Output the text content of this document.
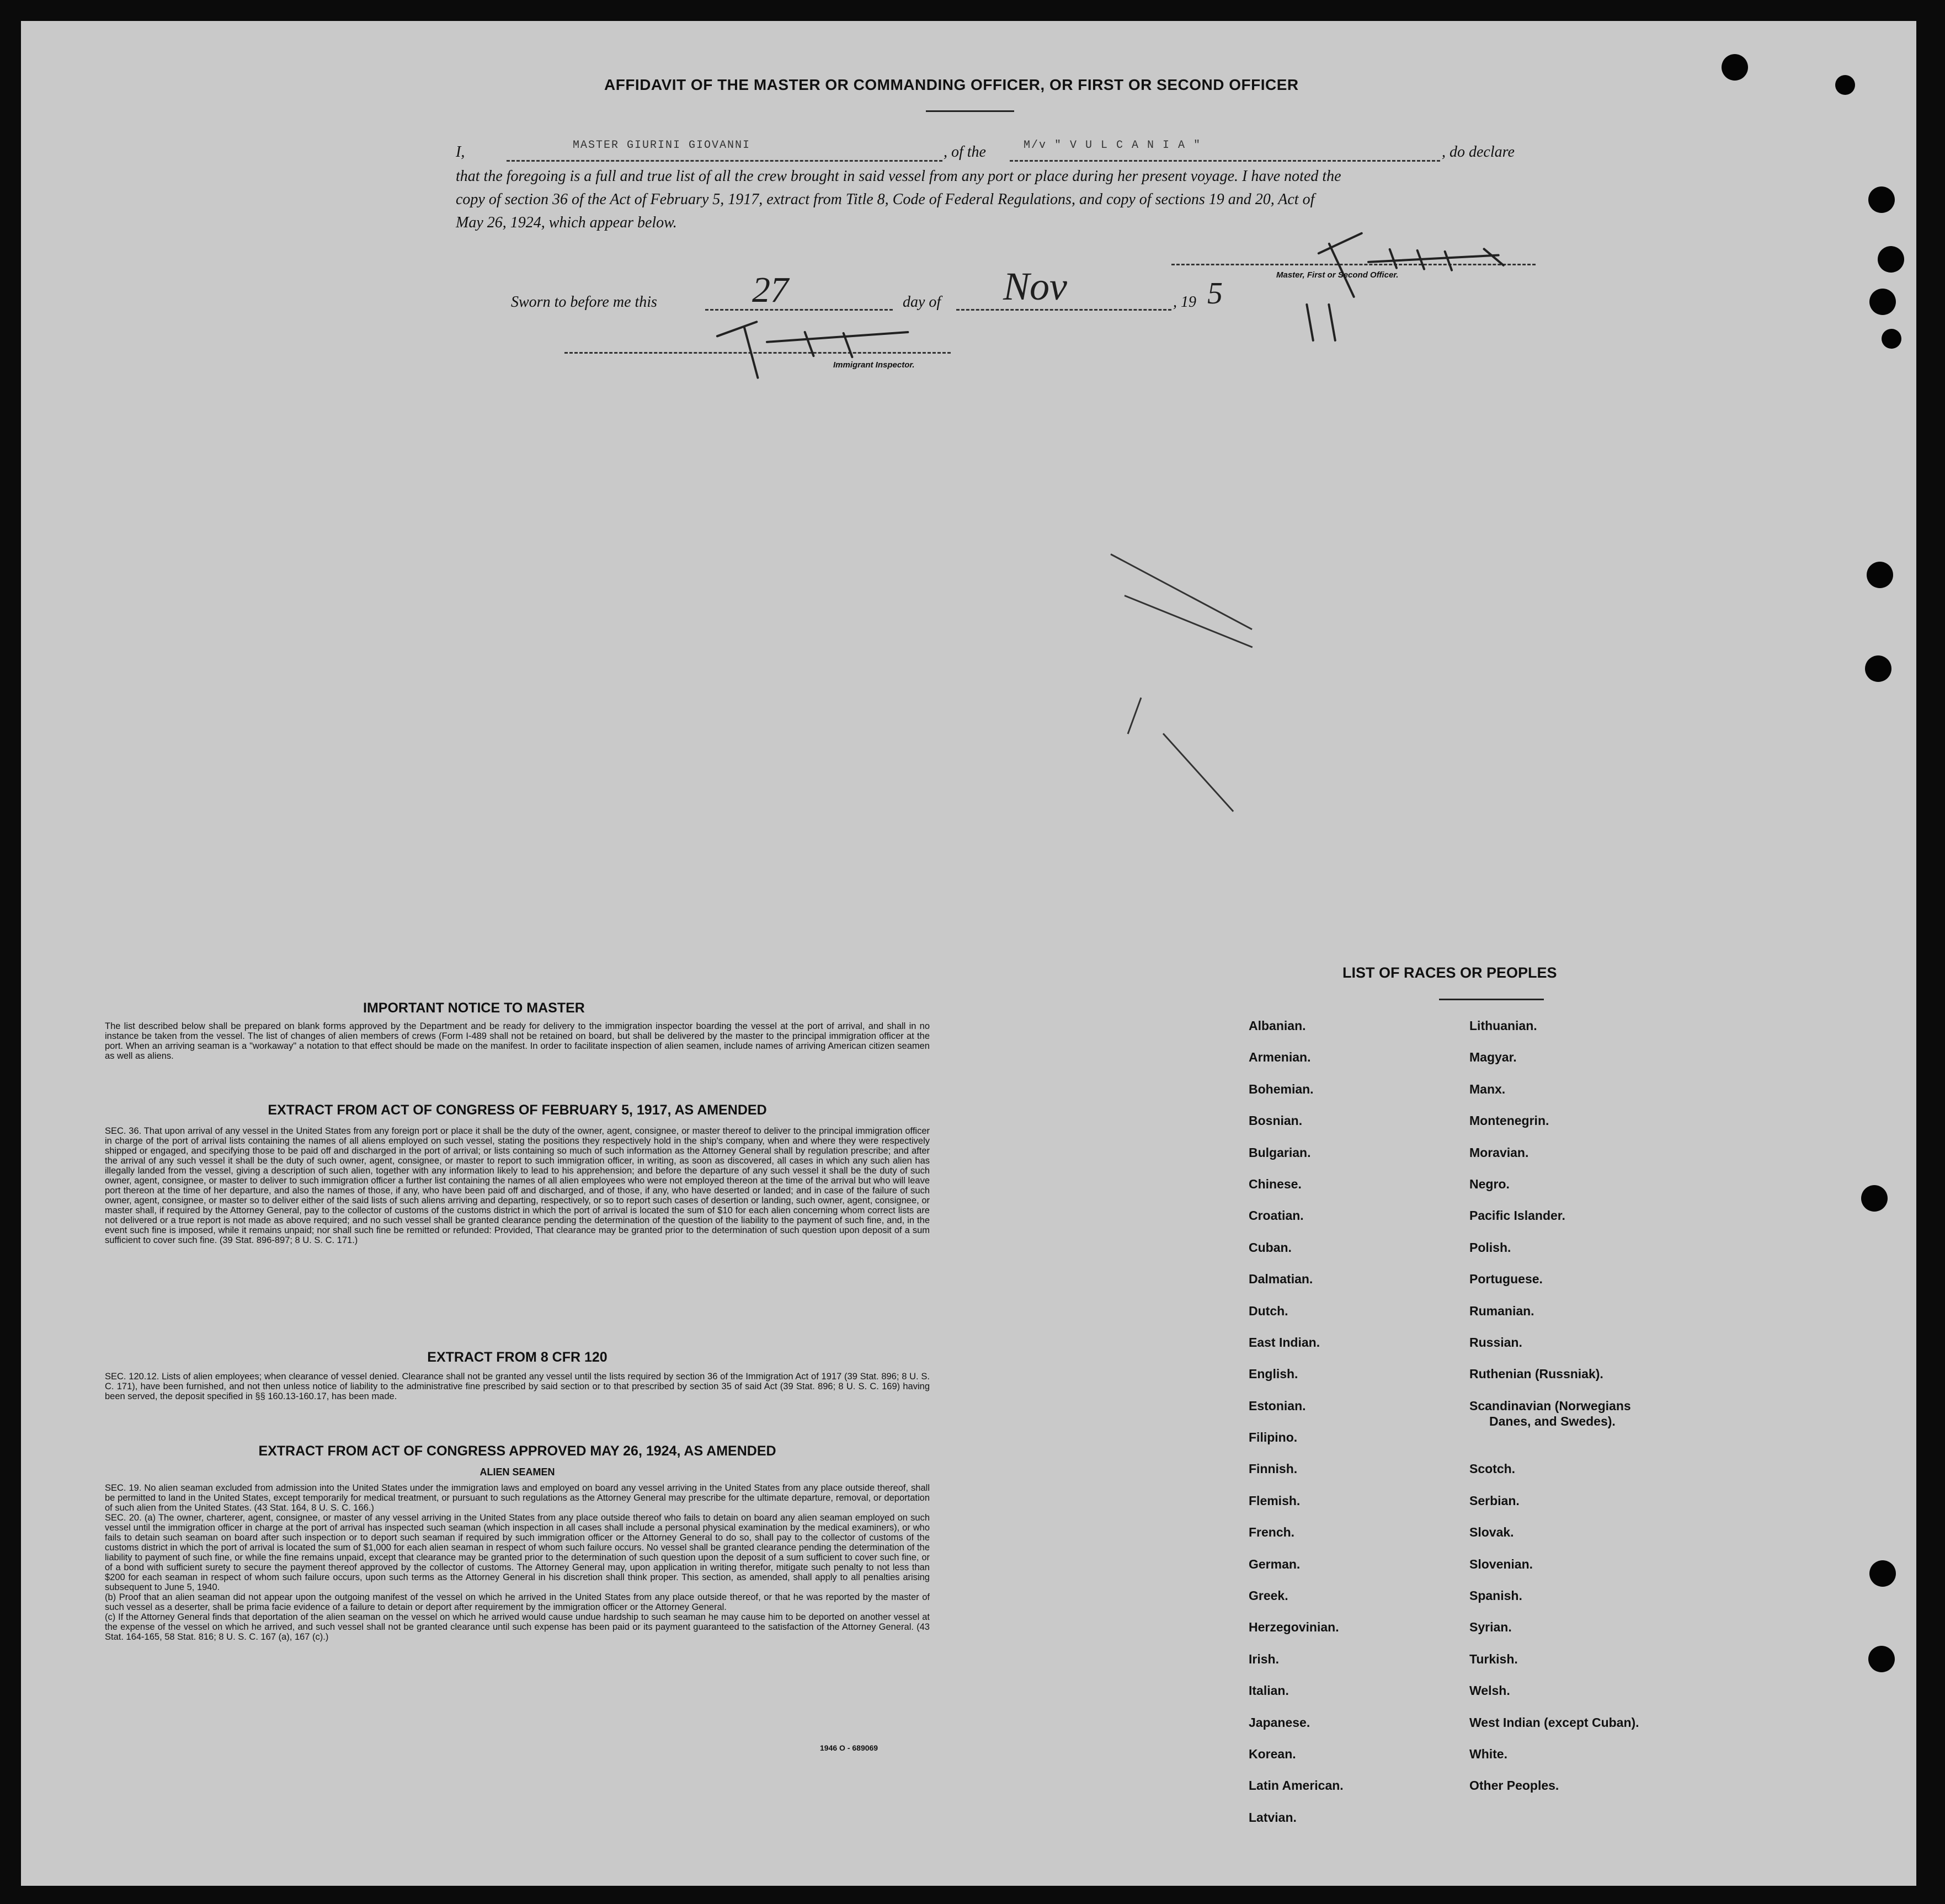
AFFIDAVIT OF THE MASTER OR COMMANDING OFFICER, OR FIRST OR SECOND OFFICER
I,	MASTER GIURINI GIOVANNI	, of the	M/v " V U L C A N I A "	, do declare
that the foregoing is a full and true list of all the crew brought in said vessel from any port or place during her present voyage. I have noted the
copy of section 36 of the Act of February 5, 1917, extract from Title 8, Code of Federal Regulations, and copy of sections 19 and 20, Act of
May 26, 1924, which appear below.
Master, First or Second Officer.
Sworn to before me this	27	day of Nov	, 19 5
Immigrant Inspector.
IMPORTANT NOTICE TO MASTER

The list described below shall be prepared on blank forms approved by the Department and be ready for delivery to the immigration inspector boarding the vessel at the port of arrival, and shall in no instance be taken from the vessel. The list of changes of alien members of crews (Form I-489 shall not be retained on board, but shall be delivered by the master to the principal immigration officer at the port. When an arriving seaman is a "workaway" a notation to that effect should be made on the manifest. In order to facilitate inspection of alien seamen, include names of arriving American citizen seamen as well as aliens.

EXTRACT FROM ACT OF CONGRESS OF FEBRUARY 5, 1917, AS AMENDED

SEC. 36. That upon arrival of any vessel in the United States from any foreign port or place it shall be the duty of the owner, agent, consignee, or master thereof to deliver to the principal immigration officer in charge of the port of arrival lists containing the names of all aliens employed on such vessel, stating the positions they respectively hold in the ship's company, when and where they were respectively shipped or engaged, and specifying those to be paid off and discharged in the port of arrival; or lists containing so much of such information as the Attorney General shall by regulation prescribe; and after the arrival of any such vessel it shall be the duty of such owner, agent, consignee, or master to report to such immigration officer, in writing, as soon as discovered, all cases in which any such alien has illegally landed from the vessel, giving a description of such alien, together with any information likely to lead to his apprehension; and before the departure of any such vessel it shall be the duty of such owner, agent, consignee, or master to deliver to such immigration officer a further list containing the names of all alien employees who were not employed thereon at the time of the arrival but who will leave port thereon at the time of her departure, and also the names of those, if any, who have been paid off and discharged, and of those, if any, who have deserted or landed; and in case of the failure of such owner, agent, consignee, or master so to deliver either of the said lists of such aliens arriving and departing, respectively, or so to report such cases of desertion or landing, such owner, agent, consignee, or master shall, if required by the Attorney General, pay to the collector of customs of the customs district in which the port of arrival is located the sum of $10 for each alien concerning whom correct lists are not delivered or a true report is not made as above required; and no such vessel shall be granted clearance pending the determination of the question of the liability to the payment of such fine, and, in the event such fine is imposed, while it remains unpaid; nor shall such fine be remitted or refunded: Provided, That clearance may be granted prior to the determination of such question upon deposit of a sum sufficient to cover such fine. (39 Stat. 896-897; 8 U. S. C. 171.)

EXTRACT FROM 8 CFR 120

SEC. 120.12. Lists of alien employees; when clearance of vessel denied. Clearance shall not be granted any vessel until the lists required by section 36 of the Immigration Act of 1917 (39 Stat. 896; 8 U. S. C. 171), have been furnished, and not then unless notice of liability to the administrative fine prescribed by said section or to that prescribed by section 35 of said Act (39 Stat. 896; 8 U. S. C. 169) having been served, the deposit specified in §§ 160.13-160.17, has been made.

EXTRACT FROM ACT OF CONGRESS APPROVED MAY 26, 1924, AS AMENDED
ALIEN SEAMEN

SEC. 19. No alien seaman excluded from admission into the United States under the immigration laws and employed on board any vessel arriving in the United States from any place outside thereof, shall be permitted to land in the United States, except temporarily for medical treatment, or pursuant to such regulations as the Attorney General may prescribe for the ultimate departure, removal, or deportation of such alien from the United States. (43 Stat. 164, 8 U. S. C. 166.)

SEC. 20. (a) The owner, charterer, agent, consignee, or master of any vessel arriving in the United States from any place outside thereof who fails to detain on board any alien seaman employed on such vessel until the immigration officer in charge at the port of arrival has inspected such seaman (which inspection in all cases shall include a personal physical examination by the medical examiners), or who fails to detain such seaman on board after such inspection or to deport such seaman if required by such immigration officer or the Attorney General to do so, shall pay to the collector of customs of the customs district in which the port of arrival is located the sum of $1,000 for each alien seaman in respect of whom such failure occurs. No vessel shall be granted clearance pending the determination of the liability to payment of such fine, or while the fine remains unpaid, except that clearance may be granted prior to the determination of such question upon the deposit of a sum sufficient to cover such fine, or of a bond with sufficient surety to secure the payment thereof approved by the collector of customs. The Attorney General may, upon application in writing therefor, mitigate such penalty to not less than $200 for each seaman in respect of whom such failure occurs, upon such terms as the Attorney General in his discretion shall think proper. This section, as amended, shall apply to all penalties arising subsequent to June 5, 1940.

(b) Proof that an alien seaman did not appear upon the outgoing manifest of the vessel on which he arrived in the United States from any place outside thereof, or that he was reported by the master of such vessel as a deserter, shall be prima facie evidence of a failure to detain or deport after requirement by the immigration officer or the Attorney General.

(c) If the Attorney General finds that deportation of the alien seaman on the vessel on which he arrived would cause undue hardship to such seaman he may cause him to be deported on another vessel at the expense of the vessel on which he arrived, and such vessel shall not be granted clearance until such expense has been paid or its payment guaranteed to the satisfaction of the Attorney General. (43 Stat. 164-165, 58 Stat. 816; 8 U. S. C. 167 (a), 167 (c).)

1946 O - 689069
LIST OF RACES OR PEOPLES
Albanian.
Armenian.
Bohemian.
Bosnian.
Bulgarian.
Chinese.
Croatian.
Cuban.
Dalmatian.
Dutch.
East Indian.
English.
Estonian.
Filipino.
Finnish.
Flemish.
French.
German.
Greek.
Herzegovinian.
Irish.
Italian.
Japanese.
Korean.
Latin American.
Latvian.
Lithuanian.
Magyar.
Manx.
Montenegrin.
Moravian.
Negro.
Pacific Islander.
Polish.
Portuguese.
Rumanian.
Russian.
Ruthenian (Russniak).
Scandinavian (Norwegians
Danes, and Swedes).
Scotch.
Serbian.
Slovak.
Slovenian.
Spanish.
Syrian.
Turkish.
Welsh.
West Indian (except Cuban).
White.
Other Peoples.
